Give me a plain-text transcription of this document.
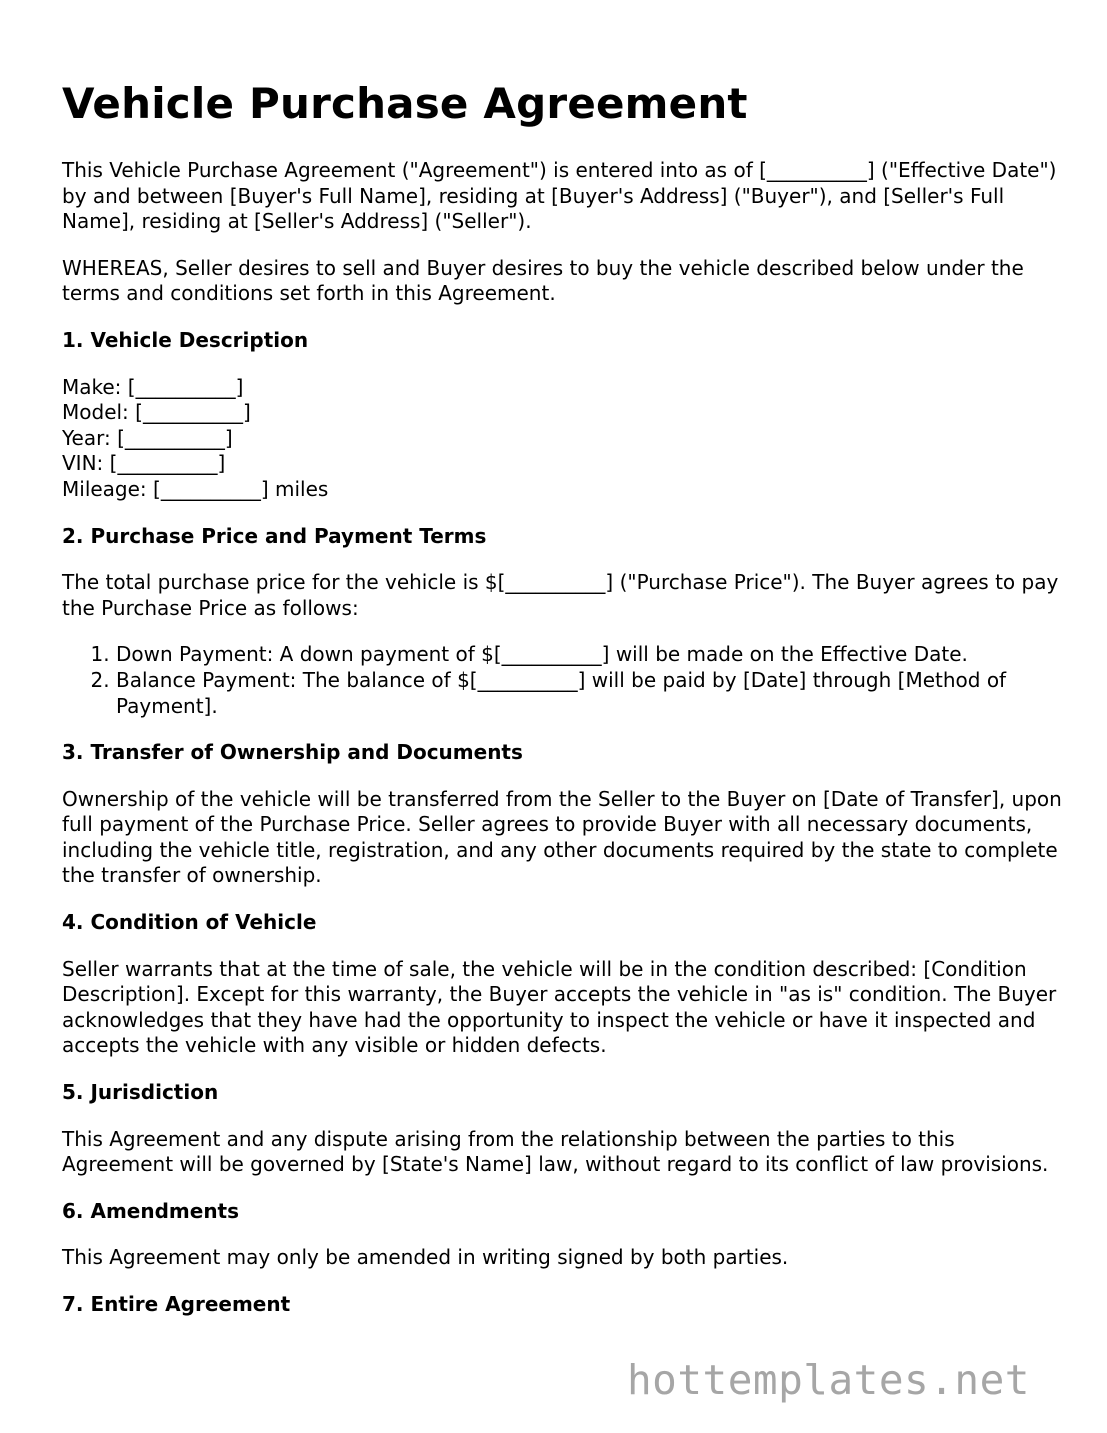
Vehicle Purchase Agreement

This Vehicle Purchase Agreement ("Agreement") is entered into as of [__________] ("Effective Date") by and between [Buyer's Full Name], residing at [Buyer's Address] ("Buyer"), and [Seller's Full Name], residing at [Seller's Address] ("Seller").

WHEREAS, Seller desires to sell and Buyer desires to buy the vehicle described below under the terms and conditions set forth in this Agreement.

1. Vehicle Description
Make: [__________]
Model: [__________]
Year: [__________]
VIN: [__________]
Mileage: [__________] miles
2. Purchase Price and Payment Terms

The total purchase price for the vehicle is $[__________] ("Purchase Price"). The Buyer agrees to pay the Purchase Price as follows:

1. Down Payment: A down payment of $[__________] will be made on the Effective Date.
2. Balance Payment: The balance of $[__________] will be paid by [Date] through [Method of Payment].
3. Transfer of Ownership and Documents

Ownership of the vehicle will be transferred from the Seller to the Buyer on [Date of Transfer], upon full payment of the Purchase Price. Seller agrees to provide Buyer with all necessary documents, including the vehicle title, registration, and any other documents required by the state to complete the transfer of ownership.

4. Condition of Vehicle

Seller warrants that at the time of sale, the vehicle will be in the condition described: [Condition Description]. Except for this warranty, the Buyer accepts the vehicle in "as is" condition. The Buyer acknowledges that they have had the opportunity to inspect the vehicle or have it inspected and accepts the vehicle with any visible or hidden defects.

5. Jurisdiction

This Agreement and any dispute arising from the relationship between the parties to this Agreement will be governed by [State's Name] law, without regard to its conflict of law provisions.

6. Amendments

This Agreement may only be amended in writing signed by both parties.

7. Entire Agreement
hottemplates.net
